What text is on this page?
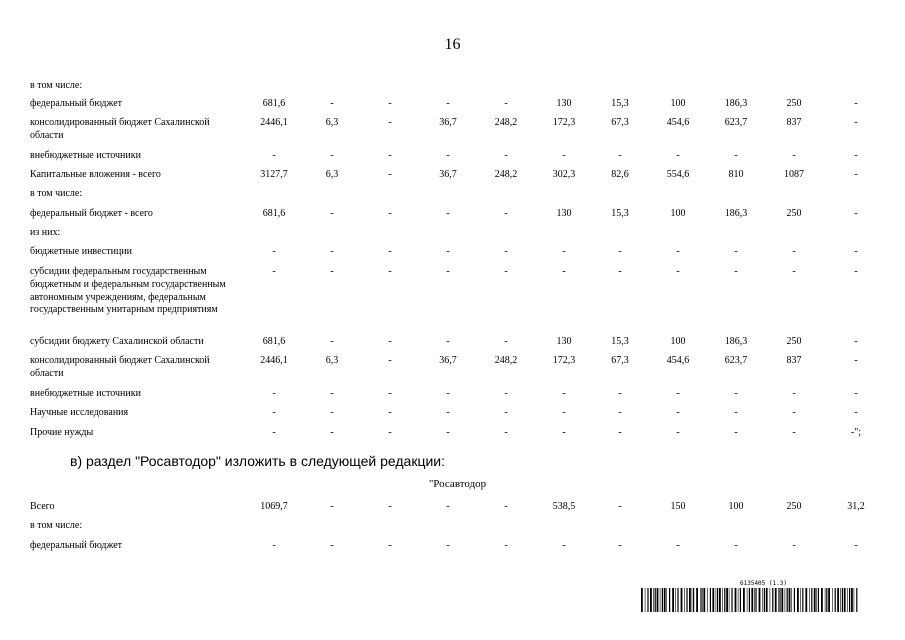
16
в том числе:
федеральный бюджет	681,6	-	-	-	-	130	15,3	100	186,3	250	-
консолидированный бюджет Сахалинской области
2446,1	6,3	-	36,7	248,2	172,3	67,3	454,6	623,7	837	-
внебюджетные источники	-	-	-	-	-	-	-	-	-	-	-
Капитальные вложения - всего	3127,7	6,3	-	36,7	248,2	302,3	82,6	554,6	810	1087	-
в том числе:
федеральный бюджет - всего	681,6	-	-	-	-	130	15,3	100	186,3	250	-
из них:
бюджетные инвестиции	-	-	-	-	-	-	-	-	-	-	-
субсидии федеральным государственным бюджетным и федеральным государственным автономным учреждениям, федеральным государственным унитарным предприятиям
-	-	-	-	-	-	-	-	-	-	-
субсидии бюджету Сахалинской области	681,6	-	-	-	-	130	15,3	100	186,3	250	-
консолидированный бюджет Сахалинской области
2446,1	6,3	-	36,7	248,2	172,3	67,3	454,6	623,7	837	-
внебюджетные источники	-	-	-	-	-	-	-	-	-	-	-
Научные исследования	-	-	-	-	-	-	-	-	-	-	-
Прочие нужды	-	-	-	-	-	-	-	-	-	-	-";
в) раздел "Росавтодор" изложить в следующей редакции:
"Росавтодор
Всего	1069,7	-	-	-	-	538,5	-	150	100	250	31,2
в том числе:
федеральный бюджет	-	-	-	-	-	-	-	-	-	-	-
6135405 (1.3)
